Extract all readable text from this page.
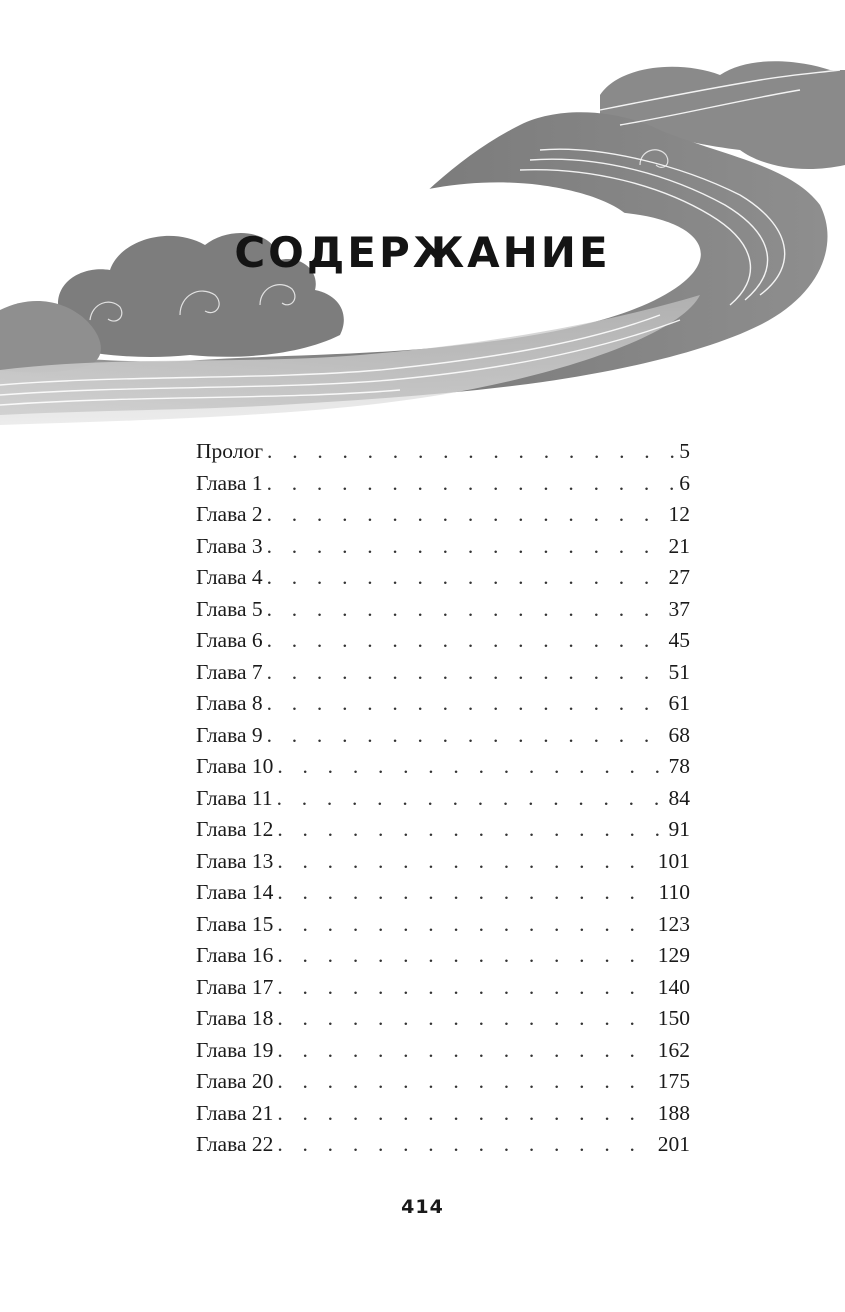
СОДЕРЖАНИЕ
Пролог . . .	5
Глава 1 . . .	6
Глава 2 . . .	12
Глава 3 . . .	21
Глава 4 . . .	27
Глава 5 . . .	37
Глава 6 . . .	45
Глава 7 . . .	51
Глава 8 . . .	61
Глава 9 . . .	68
Глава 10 . . .	78
Глава 11 . . .	84
Глава 12 . . .	91
Глава 13 . . .	101
Глава 14 . . .	110
Глава 15 . . .	123
Глава 16 . . .	129
Глава 17 . . .	140
Глава 18 . . .	150
Глава 19 . . .	162
Глава 20 . . .	175
Глава 21 . . .	188
Глава 22 . . .	201
414
